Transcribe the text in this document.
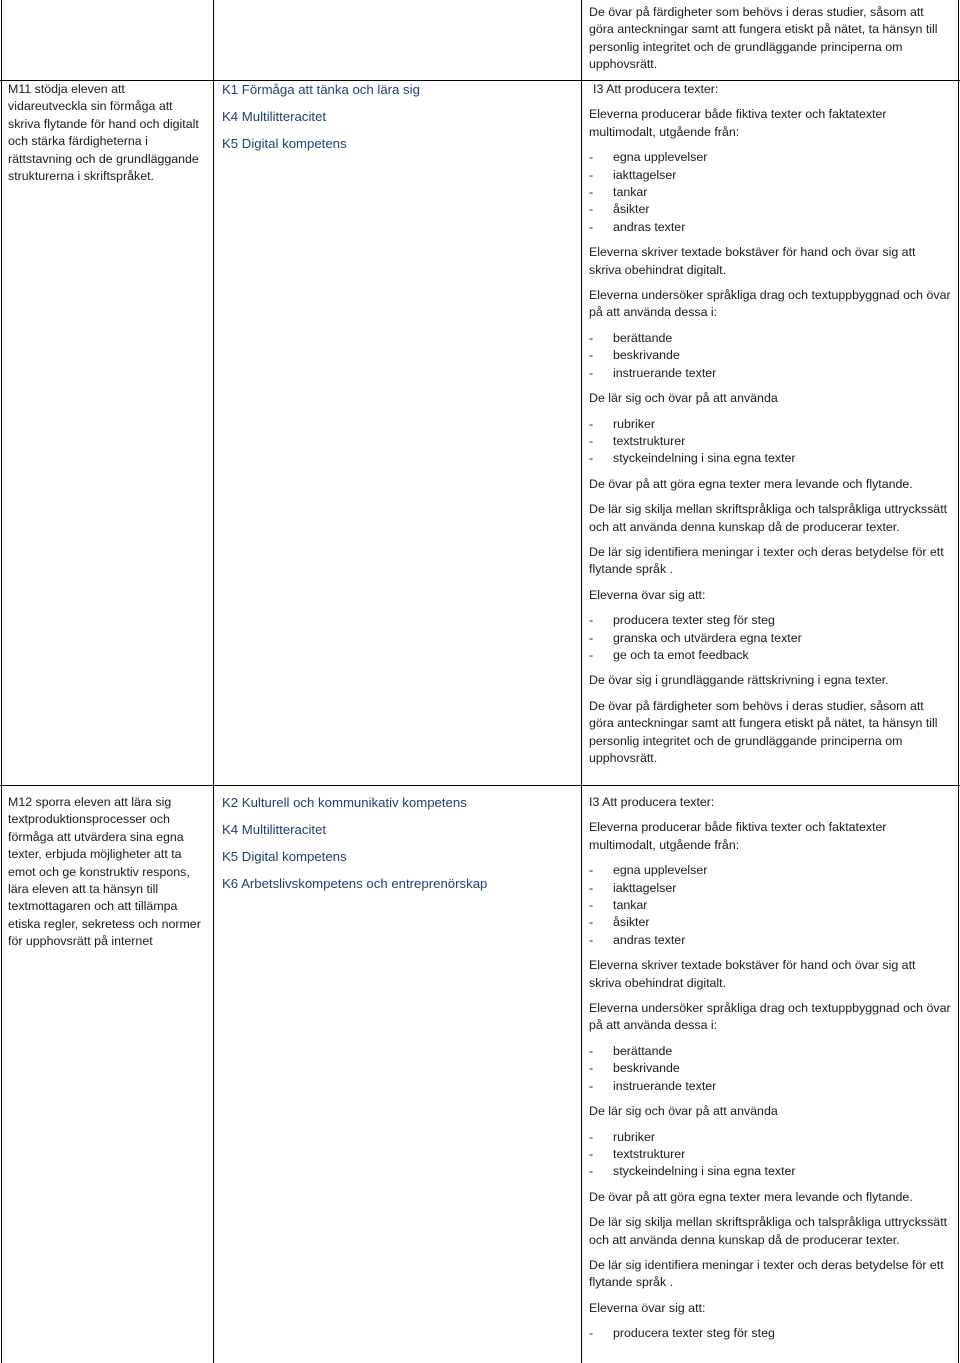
De övar på färdigheter som behövs i deras studier, såsom att göra anteckningar samt att fungera etiskt på nätet, ta hänsyn till personlig integritet och de grundläggande principerna om upphovsrätt.

M11 stödja eleven att vidareutveckla sin förmåga att skriva flytande för hand och digitalt och stärka färdigheterna i rättstavning och de grundläggande strukturerna i skriftspråket.

K1 Förmåga att tänka och lära sig
K4 Multilitteracitet
K5 Digital kompetens

I3 Att producera texter:

Eleverna producerar både fiktiva texter och faktatexter multimodalt, utgående från:

- egna upplevelser
- iakttagelser
- tankar
- åsikter
- andras texter

Eleverna skriver textade bokstäver för hand och övar sig att skriva obehindrat digitalt.

Eleverna undersöker språkliga drag och textuppbyggnad och övar på att använda dessa i:

- berättande
- beskrivande
- instruerande texter

De lär sig och övar på att använda

- rubriker
- textstrukturer
- styckeindelning i sina egna texter

De övar på att göra egna texter mera levande och flytande.

De lär sig skilja mellan skriftspråkliga och talspråkliga uttryckssätt och att använda denna kunskap då de producerar texter.

De lär sig identifiera meningar i texter och deras betydelse för ett flytande språk .

Eleverna övar sig att:

- producera texter steg för steg
- granska och utvärdera egna texter
- ge och ta emot feedback

De övar sig i grundläggande rättskrivning i egna texter.

De övar på färdigheter som behövs i deras studier, såsom att göra anteckningar samt att fungera etiskt på nätet, ta hänsyn till personlig integritet och de grundläggande principerna om upphovsrätt.

M12 sporra eleven att lära sig textproduktionsprocesser och förmåga att utvärdera sina egna texter, erbjuda möjligheter att ta emot och ge konstruktiv respons, lära eleven att ta hänsyn till textmottagaren och att tillämpa etiska regler, sekretess och normer för upphovsrätt på internet

K2 Kulturell och kommunikativ kompetens
K4 Multilitteracitet
K5 Digital kompetens
K6 Arbetslivskompetens och entreprenörskap

I3 Att producera texter:

Eleverna producerar både fiktiva texter och faktatexter multimodalt, utgående från:

- egna upplevelser
- iakttagelser
- tankar
- åsikter
- andras texter

Eleverna skriver textade bokstäver för hand och övar sig att skriva obehindrat digitalt.

Eleverna undersöker språkliga drag och textuppbyggnad och övar på att använda dessa i:

- berättande
- beskrivande
- instruerande texter

De lär sig och övar på att använda

- rubriker
- textstrukturer
- styckeindelning i sina egna texter

De övar på att göra egna texter mera levande och flytande.

De lär sig skilja mellan skriftspråkliga och talspråkliga uttryckssätt och att använda denna kunskap då de producerar texter.

De lär sig identifiera meningar i texter och deras betydelse för ett flytande språk .

Eleverna övar sig att:

- producera texter steg för steg
